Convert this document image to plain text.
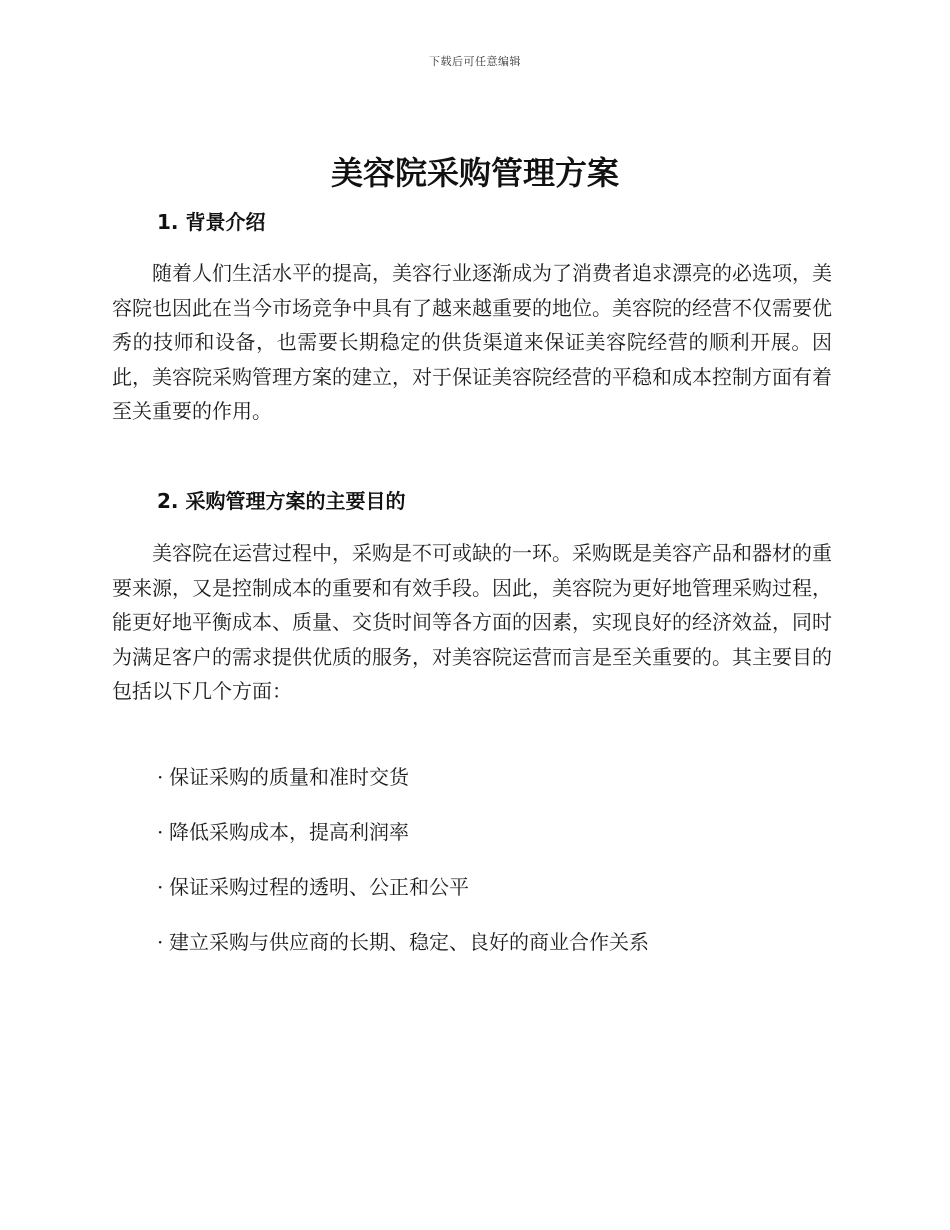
下载后可任意编辑
美容院采购管理方案
1. 背景介绍

随着人们生活水平的提高，美容行业逐渐成为了消费者追求漂亮的必选项，美容院也因此在当今市场竞争中具有了越来越重要的地位。美容院的经营不仅需要优秀的技师和设备，也需要长期稳定的供货渠道来保证美容院经营的顺利开展。因此，美容院采购管理方案的建立，对于保证美容院经营的平稳和成本控制方面有着至关重要的作用。

2. 采购管理方案的主要目的

美容院在运营过程中，采购是不可或缺的一环。采购既是美容产品和器材的重要来源，又是控制成本的重要和有效手段。因此，美容院为更好地管理采购过程，能更好地平衡成本、质量、交货时间等各方面的因素，实现良好的经济效益，同时为满足客户的需求提供优质的服务，对美容院运营而言是至关重要的。其主要目的包括以下几个方面：

· 保证采购的质量和准时交货
· 降低采购成本，提高利润率
· 保证采购过程的透明、公正和公平
· 建立采购与供应商的长期、稳定、良好的商业合作关系
